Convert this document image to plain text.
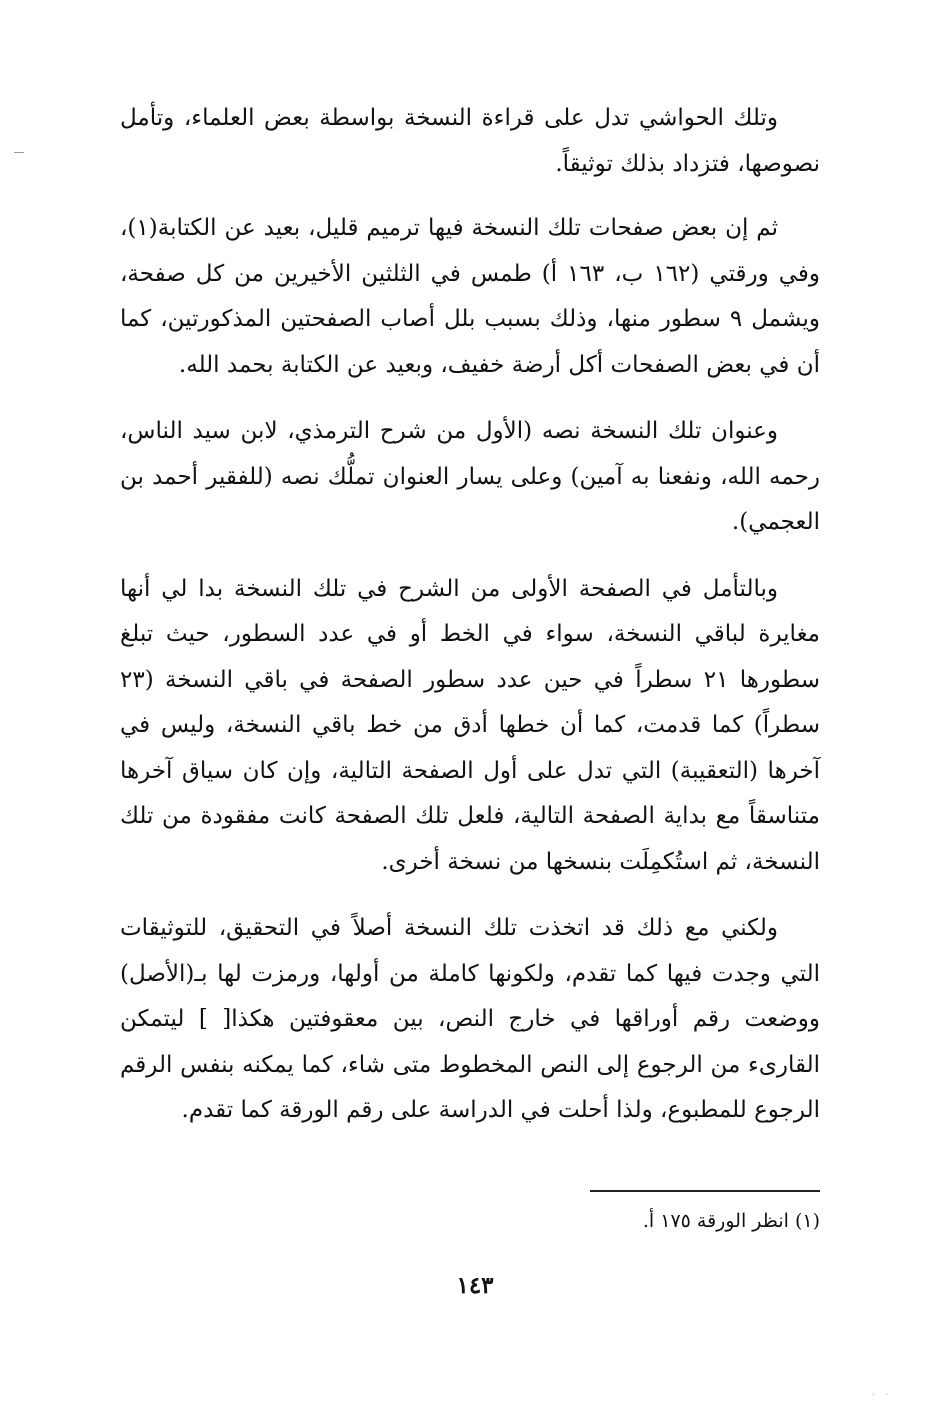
وتلك الحواشي تدل على قراءة النسخة بواسطة بعض العلماء، وتأمل نصوصها، فتزداد بذلك توثيقاً.

ثم إن بعض صفحات تلك النسخة فيها ترميم قليل، بعيد عن الكتابة(١)، وفي ورقتي (١٦٢ ب، ١٦٣ أ) طمس في الثلثين الأخيرين من كل صفحة، ويشمل ٩ سطور منها، وذلك بسبب بلل أصاب الصفحتين المذكورتين، كما أن في بعض الصفحات أكل أرضة خفيف، وبعيد عن الكتابة بحمد الله.

وعنوان تلك النسخة نصه (الأول من شرح الترمذي، لابن سيد الناس، رحمه الله، ونفعنا به آمين) وعلى يسار العنوان تملُّك نصه (للفقير أحمد بن العجمي).

وبالتأمل في الصفحة الأولى من الشرح في تلك النسخة بدا لي أنها مغايرة لباقي النسخة، سواء في الخط أو في عدد السطور، حيث تبلغ سطورها ٢١ سطراً في حين عدد سطور الصفحة في باقي النسخة (٢٣ سطراً) كما قدمت، كما أن خطها أدق من خط باقي النسخة، وليس في آخرها (التعقيبة) التي تدل على أول الصفحة التالية، وإن كان سياق آخرها متناسقاً مع بداية الصفحة التالية، فلعل تلك الصفحة كانت مفقودة من تلك النسخة، ثم استُكمِلَت بنسخها من نسخة أخرى.

ولكني مع ذلك قد اتخذت تلك النسخة أصلاً في التحقيق، للتوثيقات التي وجدت فيها كما تقدم، ولكونها كاملة من أولها، ورمزت لها بـ(الأصل) ووضعت رقم أوراقها في خارج النص، بين معقوفتين هكذا[ ] ليتمكن القارىء من الرجوع إلى النص المخطوط متى شاء، كما يمكنه بنفس الرقم الرجوع للمطبوع، ولذا أحلت في الدراسة على رقم الورقة كما تقدم.

(١) انظر الورقة ١٧٥ أ.
١٤٣
· ·
